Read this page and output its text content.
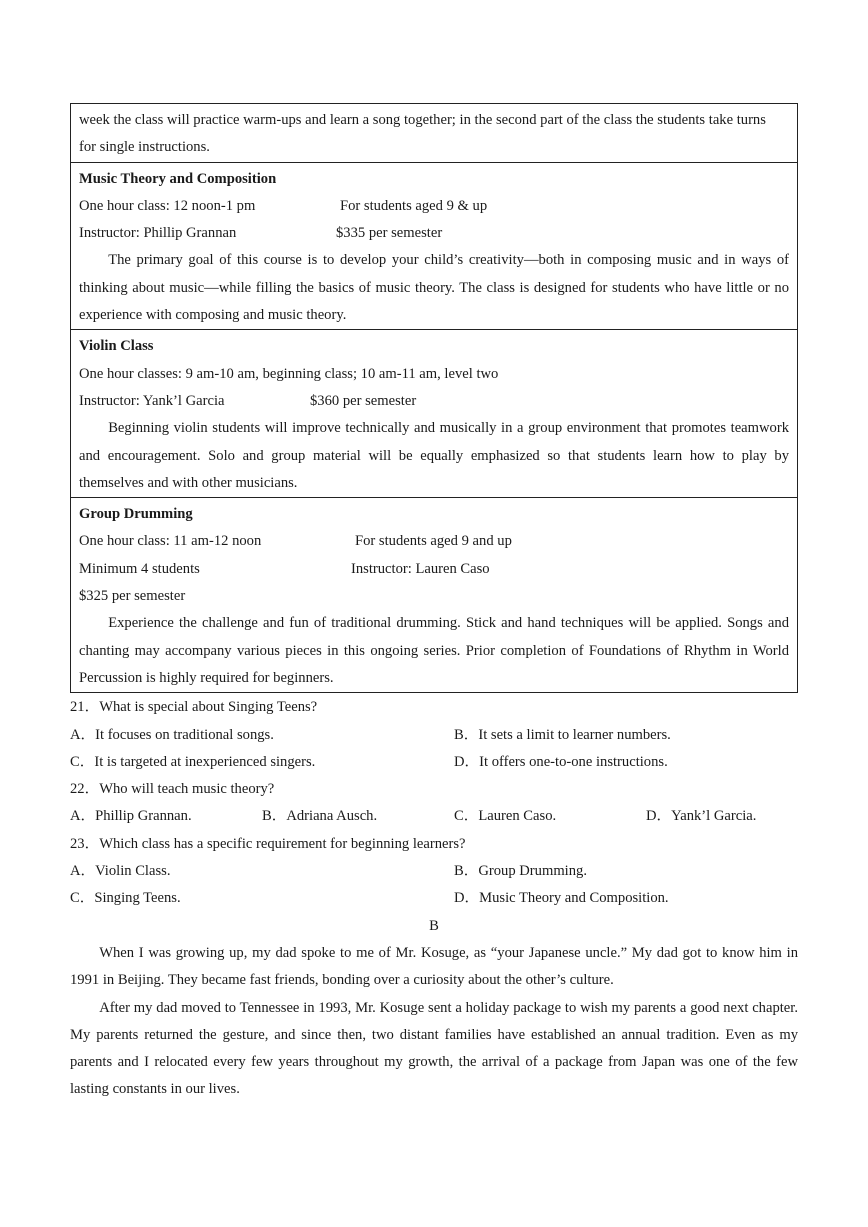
week the class will practice warm-ups and learn a song together; in the second part of the class the students take turns
for single instructions.
Music Theory and Composition
One hour class: 12 noon-1 pm	For students aged 9 & up
Instructor: Phillip Grannan	$335 per semester
The primary goal of this course is to develop your child’s creativity—both in composing music and in ways of thinking about music—while filling the basics of music theory. The class is designed for students who have little or no experience with composing and music theory.
Violin Class
One hour classes: 9 am-10 am, beginning class; 10 am-11 am, level two
Instructor: Yank’l Garcia	$360 per semester
Beginning violin students will improve technically and musically in a group environment that promotes teamwork and encouragement. Solo and group material will be equally emphasized so that students learn how to play by themselves and with other musicians.
Group Drumming
One hour class: 11 am-12 noon	For students aged 9 and up
Minimum 4 students	Instructor: Lauren Caso
$325 per semester
Experience the challenge and fun of traditional drumming. Stick and hand techniques will be applied. Songs and chanting may accompany various pieces in this ongoing series. Prior completion of Foundations of Rhythm in World Percussion is highly required for beginners.
21．What is special about Singing Teens?
A．It focuses on traditional songs.	B．It sets a limit to learner numbers.
C．It is targeted at inexperienced singers.	D．It offers one-to-one instructions.
22．Who will teach music theory?
A．Phillip Grannan.	B．Adriana Ausch.	C．Lauren Caso.	D．Yank’l Garcia.
23．Which class has a specific requirement for beginning learners?
A．Violin Class.	B．Group Drumming.
C．Singing Teens.	D．Music Theory and Composition.
B
When I was growing up, my dad spoke to me of Mr. Kosuge, as “your Japanese uncle.” My dad got to know him in 1991 in Beijing. They became fast friends, bonding over a curiosity about the other’s culture.
After my dad moved to Tennessee in 1993, Mr. Kosuge sent a holiday package to wish my parents a good next chapter. My parents returned the gesture, and since then, two distant families have established an annual tradition. Even as my parents and I relocated every few years throughout my growth, the arrival of a package from Japan was one of the few lasting constants in our lives.
